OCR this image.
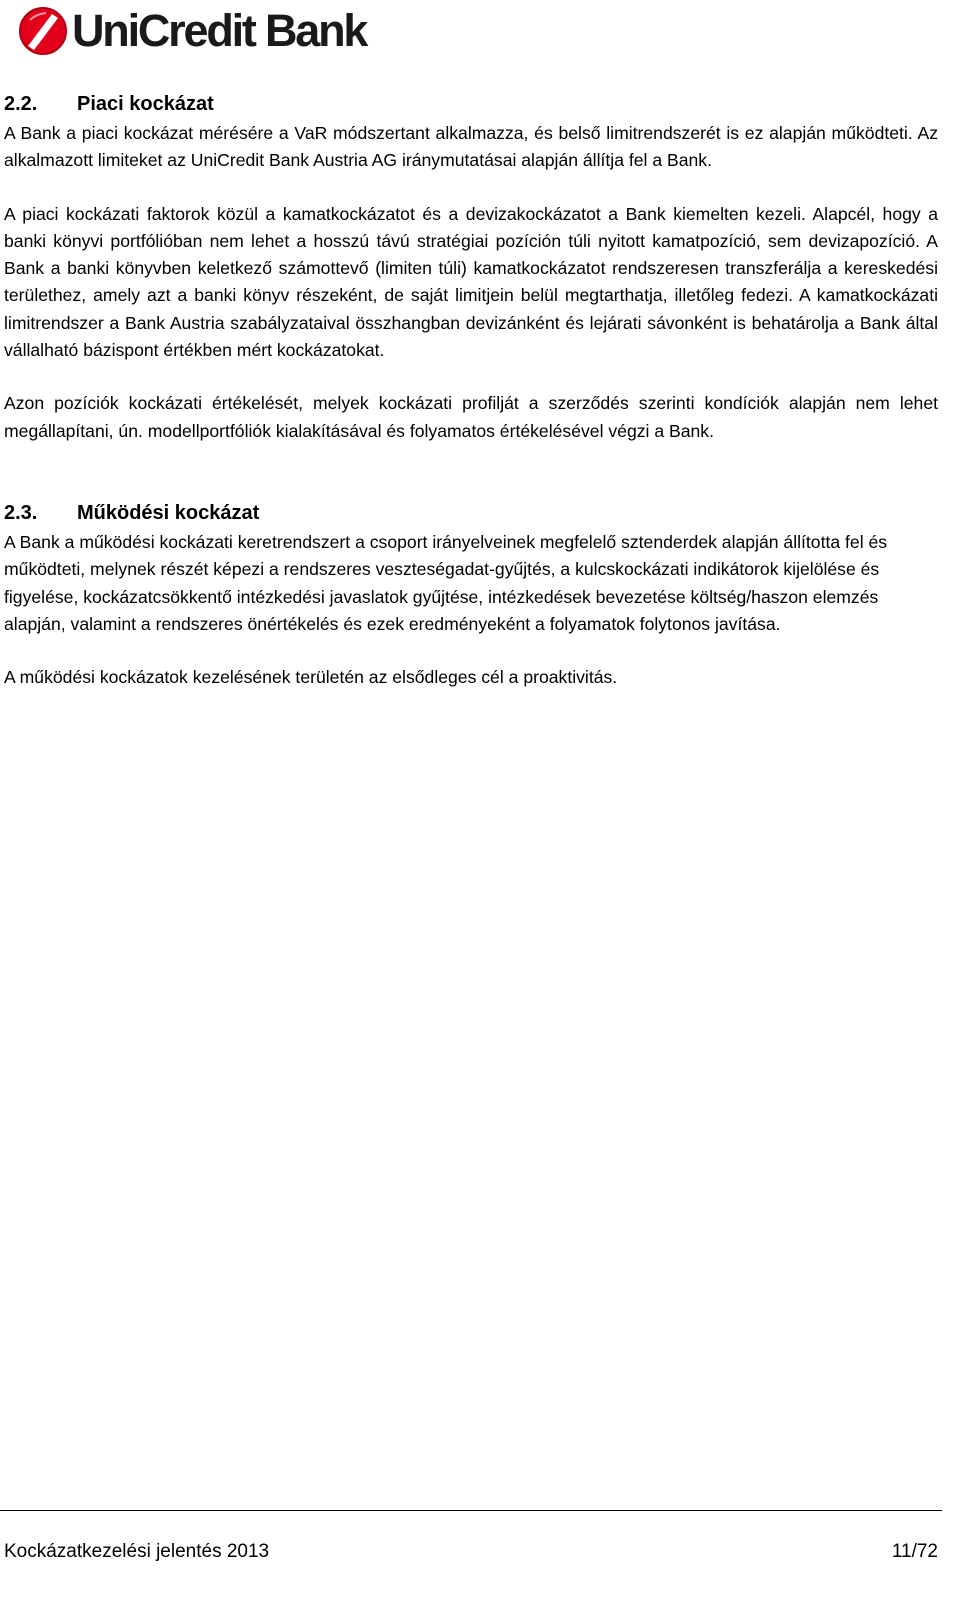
UniCredit Bank
2.2.	Piaci kockázat

A Bank a piaci kockázat mérésére a VaR módszertant alkalmazza, és belső limitrendszerét is ez alapján működteti. Az alkalmazott limiteket az UniCredit Bank Austria AG iránymutatásai alapján állítja fel a Bank.

A piaci kockázati faktorok közül a kamatkockázatot és a devizakockázatot a Bank kiemelten kezeli. Alapcél, hogy a banki könyvi portfólióban nem lehet a hosszú távú stratégiai pozíción túli nyitott kamatpozíció, sem devizapozíció. A Bank a banki könyvben keletkező számottevő (limiten túli) kamatkockázatot rendszeresen transzferálja a kereskedési területhez, amely azt a banki könyv részeként, de saját limitjein belül megtarthatja, illetőleg fedezi. A kamatkockázati limitrendszer a Bank Austria szabályzataival összhangban devizánként és lejárati sávonként is behatárolja a Bank által vállalható bázispont értékben mért kockázatokat.

Azon pozíciók kockázati értékelését, melyek kockázati profilját a szerződés szerinti kondíciók alapján nem lehet megállapítani, ún. modellportfóliók kialakításával és folyamatos értékelésével végzi a Bank.

2.3.	Működési kockázat

A Bank a működési kockázati keretrendszert a csoport irányelveinek megfelelő sztenderdek alapján állította fel és működteti, melynek részét képezi a rendszeres veszteségadat-gyűjtés, a kulcskockázati indikátorok kijelölése és figyelése, kockázatcsökkentő intézkedési javaslatok gyűjtése, intézkedések bevezetése költség/haszon elemzés alapján, valamint a rendszeres önértékelés és ezek eredményeként a folyamatok folytonos javítása.

A működési kockázatok kezelésének területén az elsődleges cél a proaktivitás.

Kockázatkezelési jelentés 2013	11/72
